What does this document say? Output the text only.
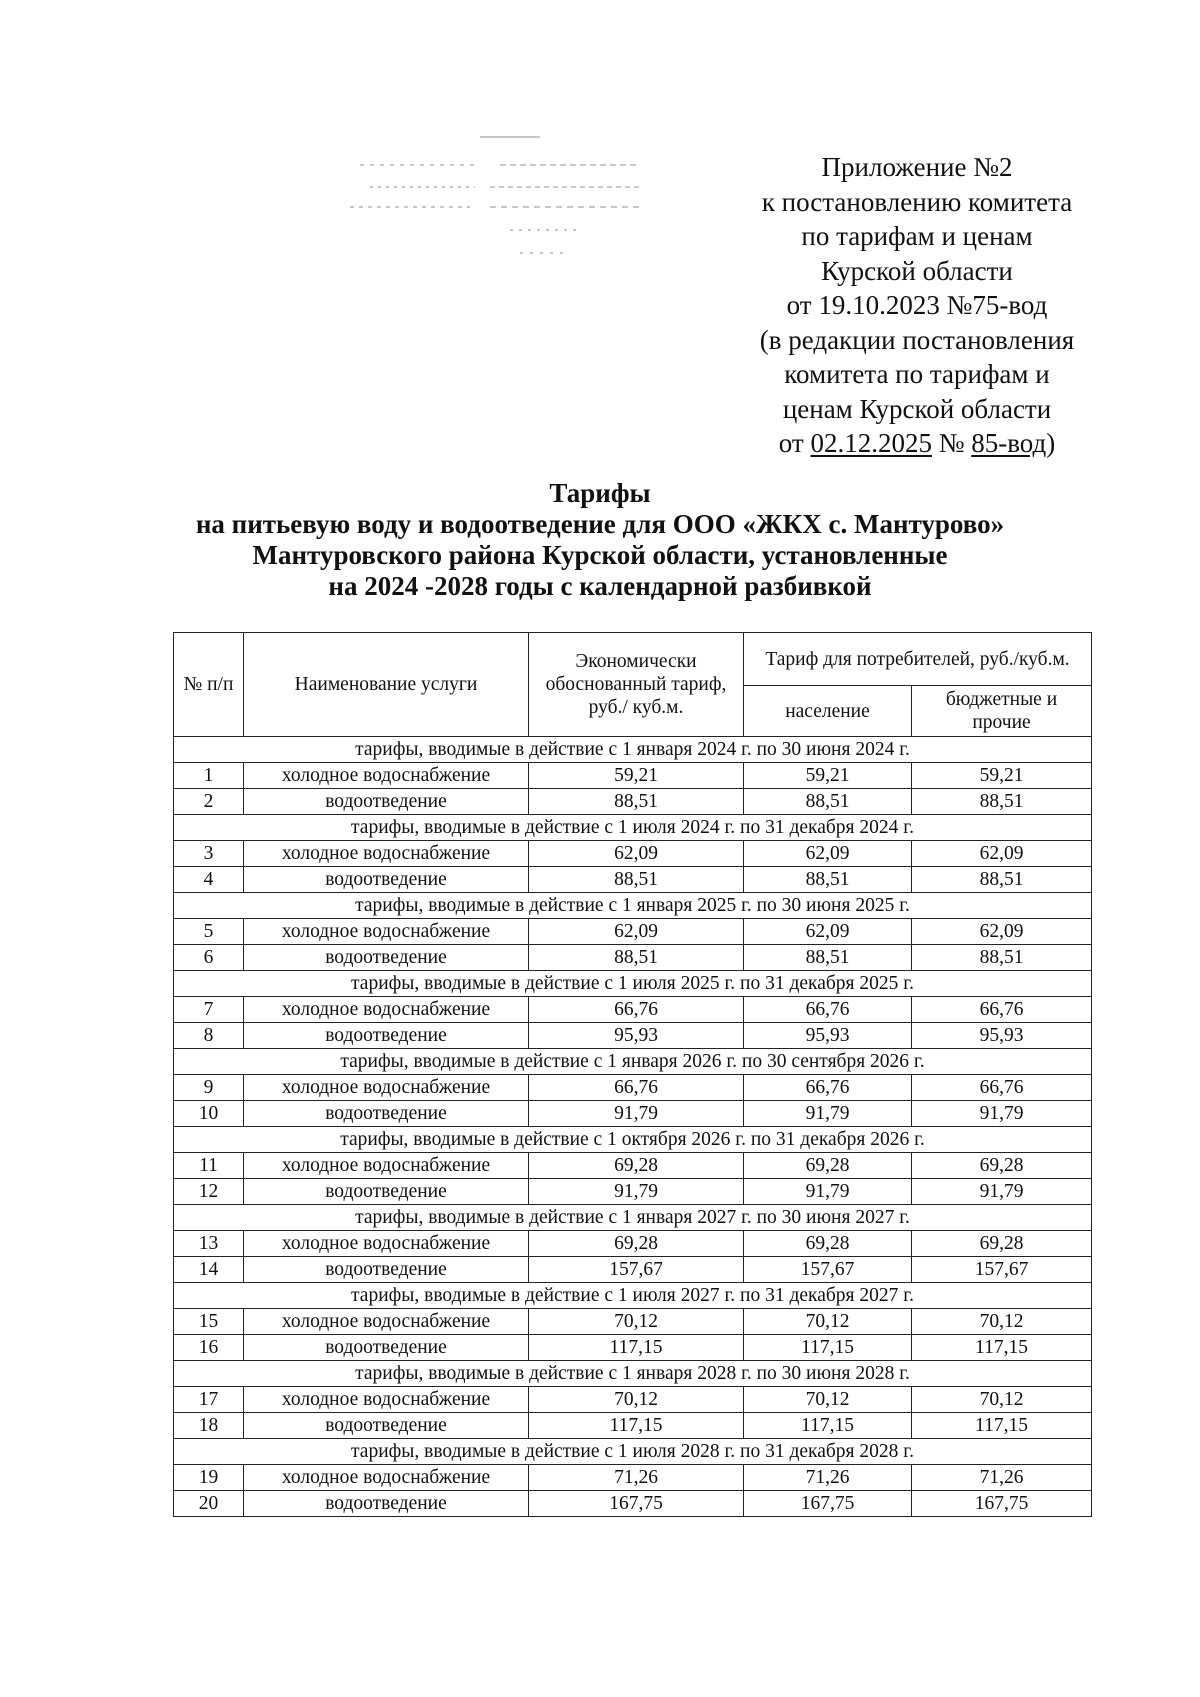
Приложение №2
к постановлению комитета
по тарифам и ценам
Курской области
от 19.10.2023 №75-вод
(в редакции постановления
комитета по тарифам и
ценам Курской области
от 02.12.2025 № 85-вод)
Тарифы
на питьевую воду и водоотведение для ООО «ЖКХ с. Мантурово»
Мантуровского района Курской области, установленные
на 2024 -2028 годы с календарной разбивкой
№ п/п	Наименование услуги	Экономически обоснованный тариф, руб./ куб.м.	Тариф для потребителей, руб./куб.м.	
			население	бюджетные и прочие
тарифы, вводимые в действие с 1 января 2024 г. по 30 июня 2024 г.				
1	холодное водоснабжение	59,21	59,21	59,21
2	водоотведение	88,51	88,51	88,51
тарифы, вводимые в действие с 1 июля 2024 г. по 31 декабря 2024 г.				
3	холодное водоснабжение	62,09	62,09	62,09
4	водоотведение	88,51	88,51	88,51
тарифы, вводимые в действие с 1 января 2025 г. по 30 июня 2025 г.				
5	холодное водоснабжение	62,09	62,09	62,09
6	водоотведение	88,51	88,51	88,51
тарифы, вводимые в действие с 1 июля 2025 г. по 31 декабря 2025 г.				
7	холодное водоснабжение	66,76	66,76	66,76
8	водоотведение	95,93	95,93	95,93
тарифы, вводимые в действие с 1 января 2026 г. по 30 сентября 2026 г.				
9	холодное водоснабжение	66,76	66,76	66,76
10	водоотведение	91,79	91,79	91,79
тарифы, вводимые в действие с 1 октября 2026 г. по 31 декабря 2026 г.				
11	холодное водоснабжение	69,28	69,28	69,28
12	водоотведение	91,79	91,79	91,79
тарифы, вводимые в действие с 1 января 2027 г. по 30 июня 2027 г.				
13	холодное водоснабжение	69,28	69,28	69,28
14	водоотведение	157,67	157,67	157,67
тарифы, вводимые в действие с 1 июля 2027 г. по 31 декабря 2027 г.				
15	холодное водоснабжение	70,12	70,12	70,12
16	водоотведение	117,15	117,15	117,15
тарифы, вводимые в действие с 1 января 2028 г. по 30 июня 2028 г.				
17	холодное водоснабжение	70,12	70,12	70,12
18	водоотведение	117,15	117,15	117,15
тарифы, вводимые в действие с 1 июля 2028 г. по 31 декабря 2028 г.				
19	холодное водоснабжение	71,26	71,26	71,26
20	водоотведение	167,75	167,75	167,75
